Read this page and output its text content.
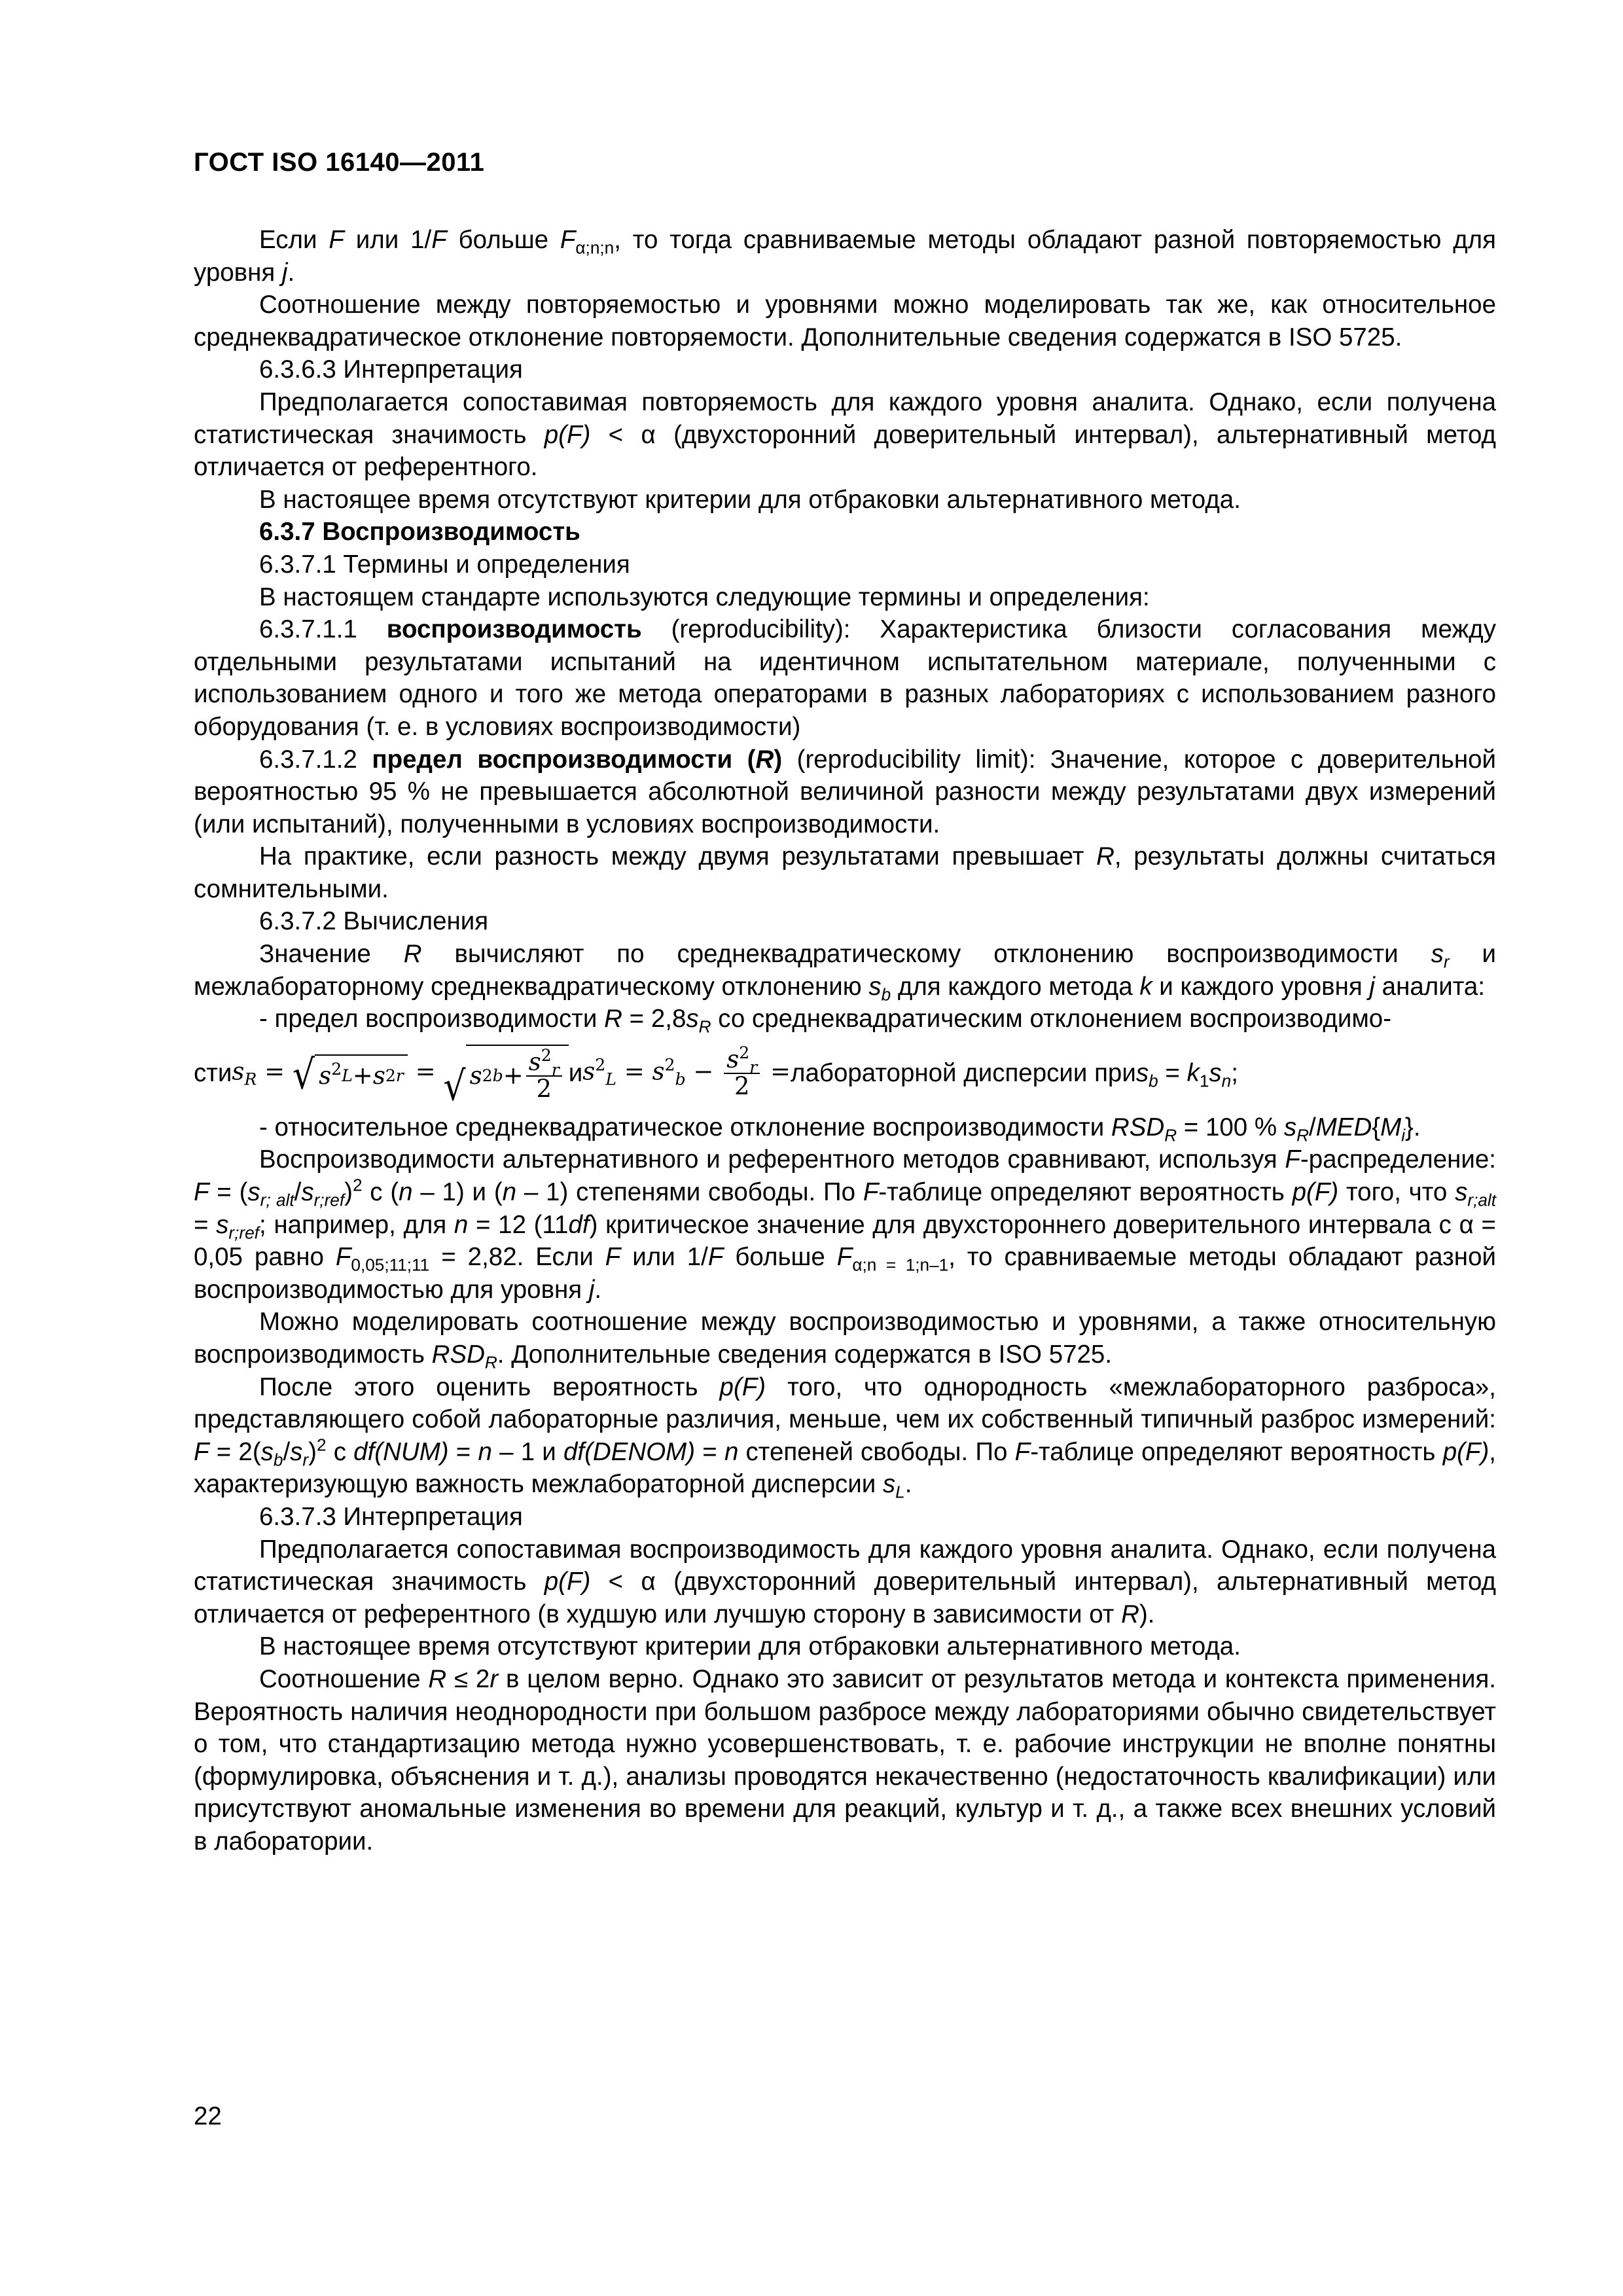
ГОСТ ISO 16140—2011

Если F или 1/F больше $F_{\alpha;n;n}$, то тогда сравниваемые методы обладают разной повторяемостью для уровня j.

Соотношение между повторяемостью и уровнями можно моделировать так же, как относительное среднеквадратическое отклонение повторяемости. Дополнительные сведения содержатся в ISO 5725.

6.3.6.3 Интерпретация

Предполагается сопоставимая повторяемость для каждого уровня аналита. Однако, если получена статистическая значимость p(F) < α (двухсторонний доверительный интервал), альтернативный метод отличается от референтного.

В настоящее время отсутствуют критерии для отбраковки альтернативного метода.

6.3.7 Воспроизводимость

6.3.7.1 Термины и определения

В настоящем стандарте используются следующие термины и определения:

6.3.7.1.1 воспроизводимость (reproducibility): Характеристика близости согласования между отдельными результатами испытаний на идентичном испытательном материале, полученными с использованием одного и того же метода операторами в разных лабораториях с использованием разного оборудования (т. е. в условиях воспроизводимости)

6.3.7.1.2 предел воспроизводимости (R) (reproducibility limit): Значение, которое с доверительной вероятностью 95 % не превышается абсолютной величиной разности между результатами двух измерений (или испытаний), полученными в условиях воспроизводимости.

На практике, если разность между двумя результатами превышает R, результаты должны считаться сомнительными.

6.3.7.2 Вычисления

Значение R вычисляют по среднеквадратическому отклонению воспроизводимости $s_r$ и межлабораторному среднеквадратическому отклонению $s_b$ для каждого метода k и каждого уровня j аналита:

- предел воспроизводимости $R = 2,8s_R$ со среднеквадратическим отклонением воспроизводимо-

сти $s_R$ = √ s $^2$ L + s 2 r = √ s 2 $b + \frac{s^2_r}{2}$ и $s^2_L = s^2_b - \frac{s^2_r}{2}$ = лабораторной дисперсии при $s_b = k_1s_n$;

- относительное среднеквадратическое отклонение воспроизводимости $RSD_R = 100$ % $s_R/MED\{M_i\}$.

Воспроизводимости альтернативного и референтного методов сравнивают, используя F-распределение: $F = (s_{r; alt}/s_{r;ref})^2$ с (n – 1) и (n – 1) степенями свободы. По F-таблице определяют вероятность p(F) того, что $s_{r;alt} = s_{r;ref}$; например, для n = 12 (11df) критическое значение для двухстороннего доверительного интервала с α = 0,05 равно $F_{0,05;11;11} = 2,82$. Если F или 1/F больше $F_{\alpha;n = 1;n-1}$, то сравниваемые методы обладают разной воспроизводимостью для уровня j.

Можно моделировать соотношение между воспроизводимостью и уровнями, а также относительную воспроизводимость $RSD_R$. Дополнительные сведения содержатся в ISO 5725.

После этого оценить вероятность p(F) того, что однородность «межлабораторного разброса», представляющего собой лабораторные различия, меньше, чем их собственный типичный разброс измерений: $F = 2(s_b/s_r)^2$ с df(NUM) = n – 1 и df(DENOM) = n степеней свободы. По F-таблице определяют вероятность p(F), характеризующую важность межлабораторной дисперсии $s_L$.

6.3.7.3 Интерпретация

Предполагается сопоставимая воспроизводимость для каждого уровня аналита. Однако, если получена статистическая значимость p(F) < α (двухсторонний доверительный интервал), альтернативный метод отличается от референтного (в худшую или лучшую сторону в зависимости от R).

В настоящее время отсутствуют критерии для отбраковки альтернативного метода.

Соотношение R ≤ 2r в целом верно. Однако это зависит от результатов метода и контекста применения. Вероятность наличия неоднородности при большом разбросе между лабораториями обычно свидетельствует о том, что стандартизацию метода нужно усовершенствовать, т. е. рабочие инструкции не вполне понятны (формулировка, объяснения и т. д.), анализы проводятся некачественно (недостаточность квалификации) или присутствуют аномальные изменения во времени для реакций, культур и т. д., а также всех внешних условий в лаборатории.

22
